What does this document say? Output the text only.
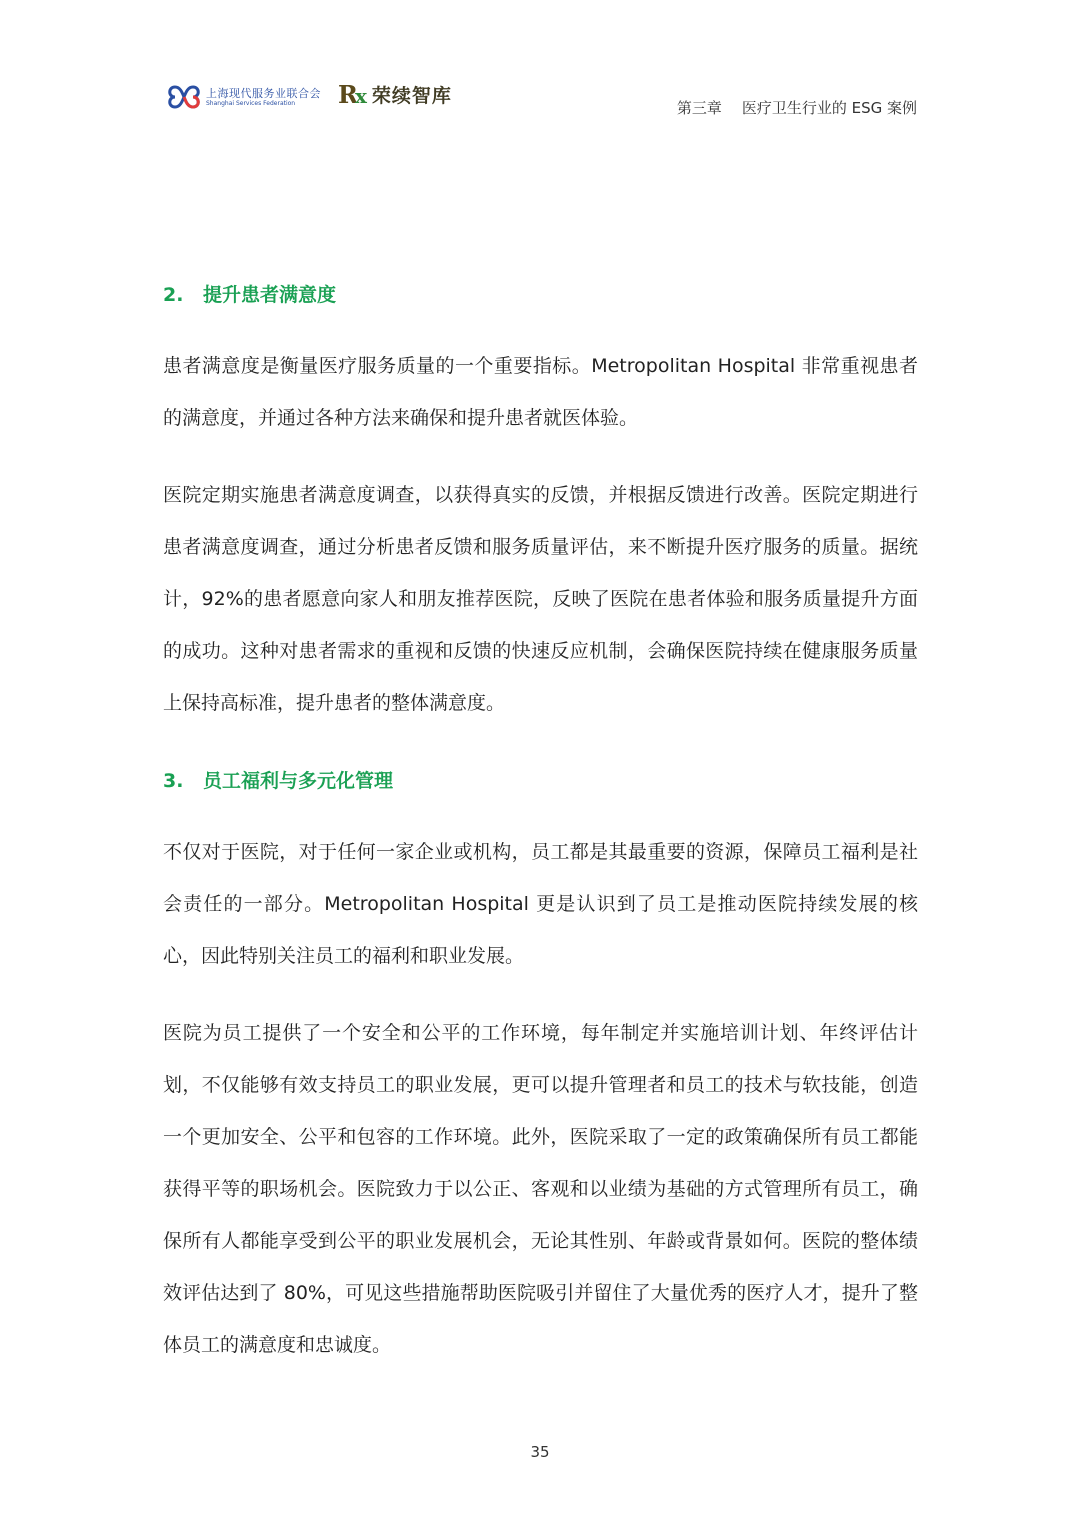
上海现代服务业联合会
Shanghai Services Federation	Rx 荣续智库
第三章 医疗卫生行业的 ESG 案例
2. 提升患者满意度
患者满意度是衡量医疗服务质量的一个重要指标。Metropolitan Hospital 非常重视患者的满意度，并通过各种方法来确保和提升患者就医体验。
医院定期实施患者满意度调查，以获得真实的反馈，并根据反馈进行改善。医院定期进行患者满意度调查，通过分析患者反馈和服务质量评估，来不断提升医疗服务的质量。据统计，92%的患者愿意向家人和朋友推荐医院，反映了医院在患者体验和服务质量提升方面的成功。这种对患者需求的重视和反馈的快速反应机制，会确保医院持续在健康服务质量上保持高标准，提升患者的整体满意度。
3. 员工福利与多元化管理
不仅对于医院，对于任何一家企业或机构，员工都是其最重要的资源，保障员工福利是社会责任的一部分。Metropolitan Hospital 更是认识到了员工是推动医院持续发展的核心，因此特别关注员工的福利和职业发展。
医院为员工提供了一个安全和公平的工作环境，每年制定并实施培训计划、年终评估计划，不仅能够有效支持员工的职业发展，更可以提升管理者和员工的技术与软技能，创造一个更加安全、公平和包容的工作环境。此外，医院采取了一定的政策确保所有员工都能获得平等的职场机会。医院致力于以公正、客观和以业绩为基础的方式管理所有员工，确保所有人都能享受到公平的职业发展机会，无论其性别、年龄或背景如何。医院的整体绩效评估达到了 80%，可见这些措施帮助医院吸引并留住了大量优秀的医疗人才，提升了整体员工的满意度和忠诚度。
35
